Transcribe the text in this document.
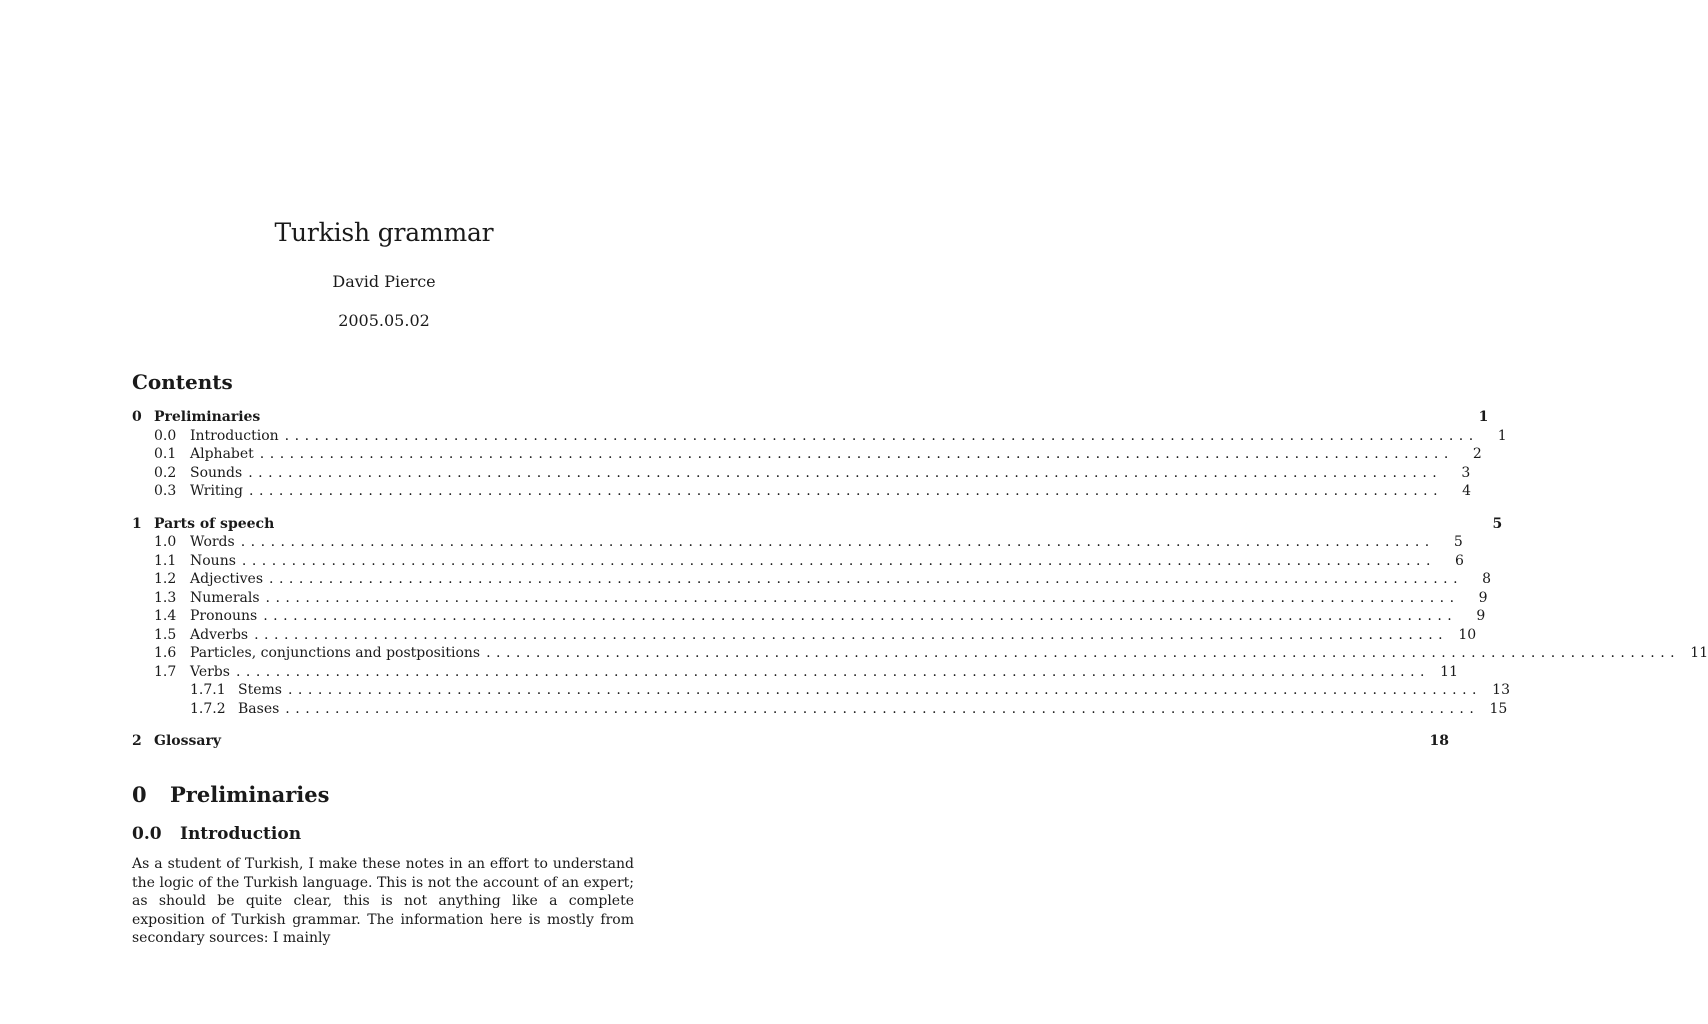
Turkish grammar
David Pierce
2005.05.02
Contents
0 Preliminaries	1
0.0 Introduction ........................................................................................................................	1
0.1 Alphabet ........................................................................................................................	2
0.2 Sounds ........................................................................................................................	3
0.3 Writing ........................................................................................................................	4
1 Parts of speech	5
1.0 Words ........................................................................................................................	5
1.1 Nouns ........................................................................................................................	6
1.2 Adjectives ........................................................................................................................	8
1.3 Numerals ........................................................................................................................	9
1.4 Pronouns ........................................................................................................................	9
1.5 Adverbs ........................................................................................................................ 10
1.6 Particles, conjunctions and postpositions ........................................................................................................................ 11
1.7 Verbs ........................................................................................................................ 11
1.7.1 Stems ........................................................................................................................ 13
1.7.2 Bases ........................................................................................................................ 15
2 Glossary	18
0	Preliminaries
0.0	Introduction
As a student of Turkish, I make these notes in an effort to understand the logic of the Turkish language. This is not the account of an expert; as should be quite clear, this is not anything like a complete exposition of Turkish grammar. The information here is mostly from secondary sources: I mainly
